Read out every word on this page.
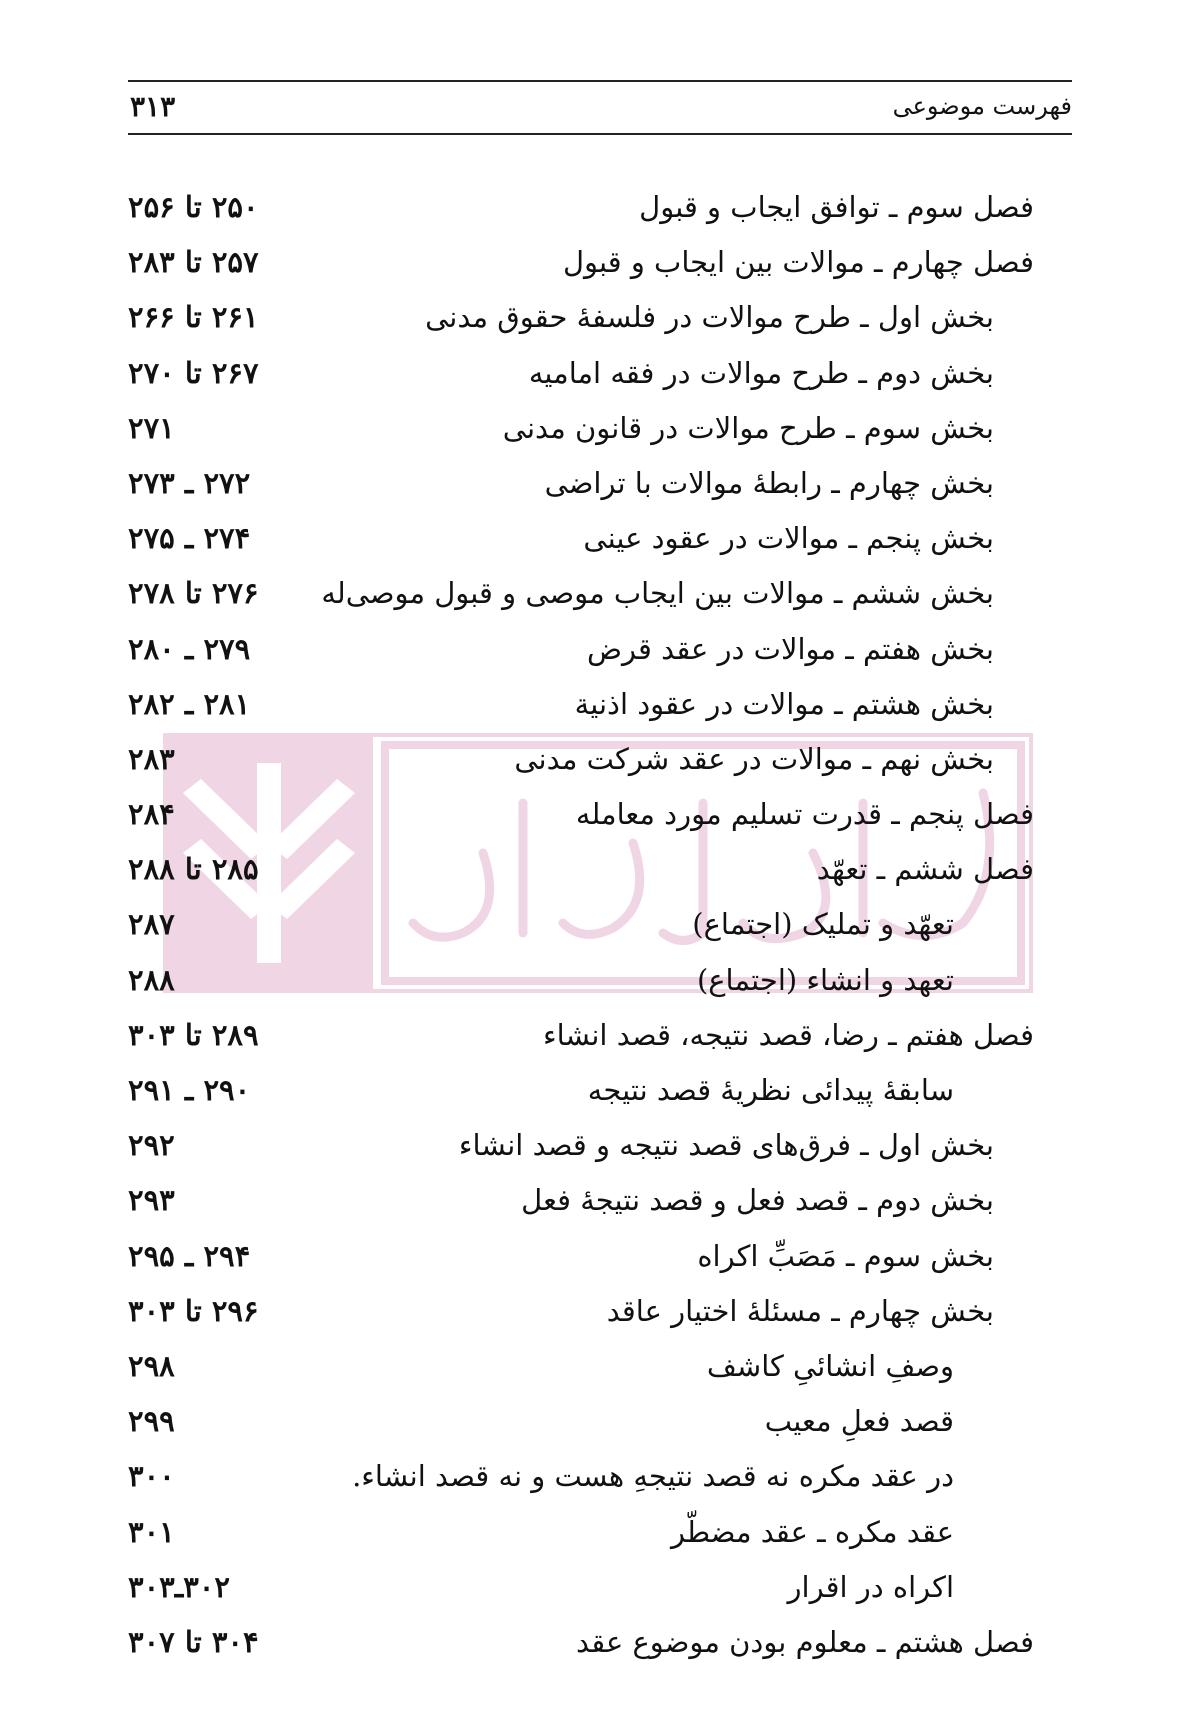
فهرست موضوعی
۳۱۳
فصل سوم ـ توافق ایجاب و قبول
۲۵۰ تا ۲۵۶
فصل چهارم ـ موالات بین ایجاب و قبول
۲۵۷ تا ۲۸۳
بخش اول ـ طرح موالات در فلسفهٔ حقوق مدنی
۲۶۱ تا ۲۶۶
بخش دوم ـ طرح موالات در فقه امامیه
۲۶۷ تا ۲۷۰
بخش سوم ـ طرح موالات در قانون مدنی
۲۷۱
بخش چهارم ـ رابطهٔ موالات با تراضی
۲۷۲ ـ ۲۷۳
بخش پنجم ـ موالات در عقود عینی
۲۷۴ ـ ۲۷۵
بخش ششم ـ موالات بین ایجاب موصی و قبول موصی‌له
۲۷۶ تا ۲۷۸
بخش هفتم ـ موالات در عقد قرض
۲۷۹ ـ ۲۸۰
بخش هشتم ـ موالات در عقود اذنیة
۲۸۱ ـ ۲۸۲
بخش نهم ـ موالات در عقد شرکت مدنی
۲۸۳
فصل پنجم ـ قدرت تسلیم مورد معامله
۲۸۴
فصل ششم ـ تعهّد
۲۸۵ تا ۲۸۸
تعهّد و تملیک (اجتماع)
۲۸۷
تعهد و انشاء (اجتماع)
۲۸۸
فصل هفتم ـ رضا، قصد نتیجه، قصد انشاء
۲۸۹ تا ۳۰۳
سابقهٔ پیدائی نظریهٔ قصد نتیجه
۲۹۰ ـ ۲۹۱
بخش اول ـ فرق‌های قصد نتیجه و قصد انشاء
۲۹۲
بخش دوم ـ قصد فعل و قصد نتیجهٔ فعل
۲۹۳
بخش سوم ـ مَصَبِّ اکراه
۲۹۴ ـ ۲۹۵
بخش چهارم ـ مسئلهٔ اختیار عاقد
۲۹۶ تا ۳۰۳
وصفِ انشائیِ کاشف
۲۹۸
قصد فعلِ معیب
۲۹۹
در عقد مکره نه قصد نتیجهِ هست و نه قصد انشاء.
۳۰۰
عقد مکره ـ عقد مضطّر
۳۰۱
اکراه در اقرار
۳۰۲ـ۳۰۳
فصل هشتم ـ معلوم بودن موضوع عقد
۳۰۴ تا ۳۰۷
